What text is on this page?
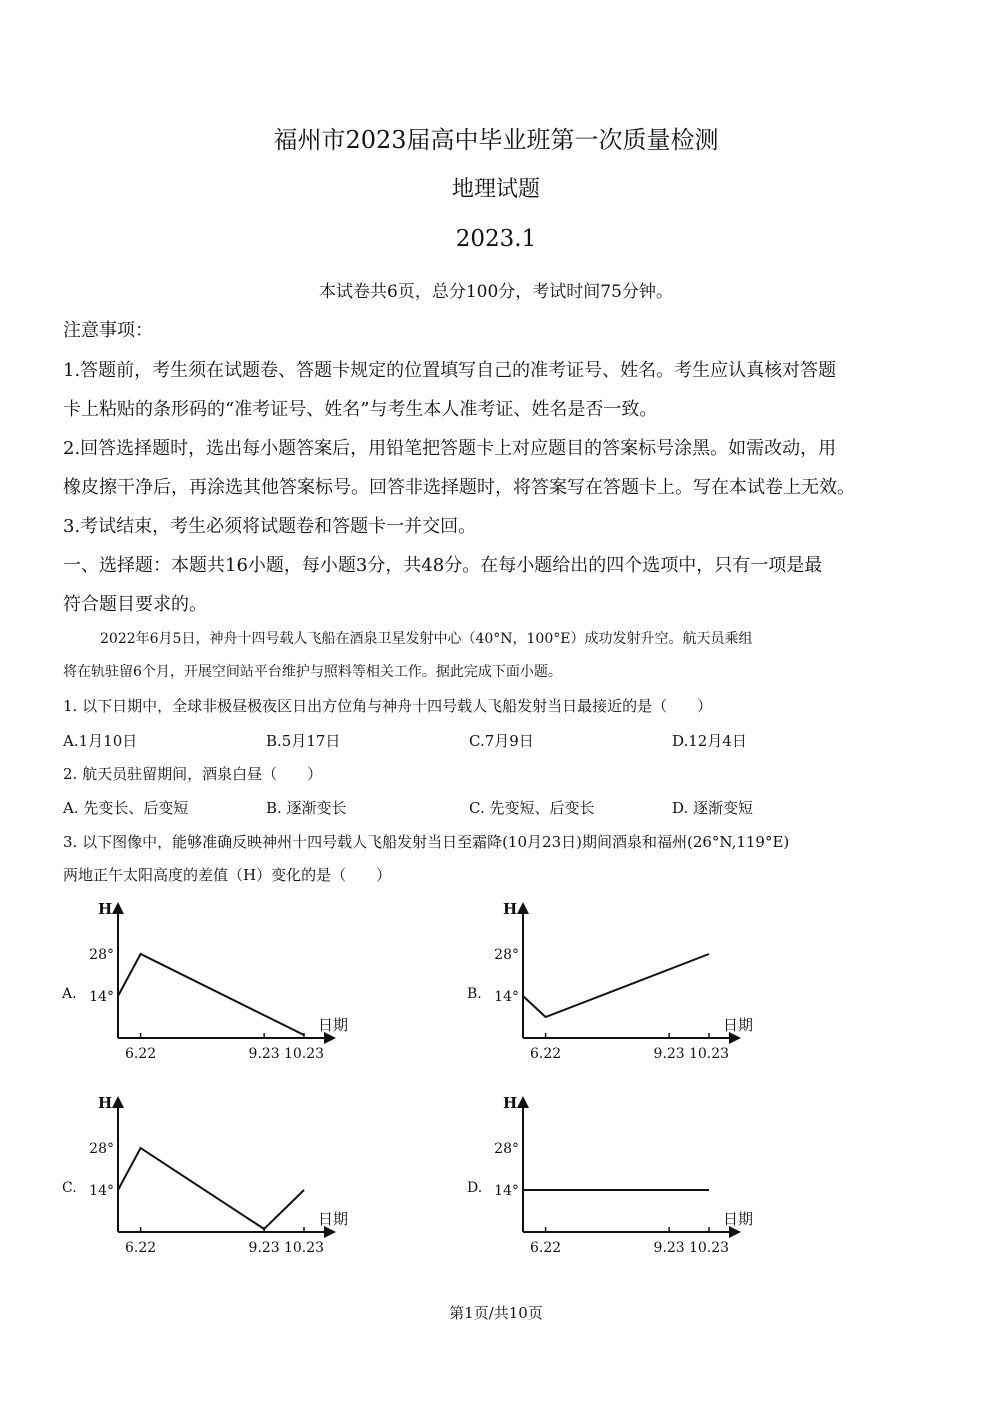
福州市2023届高中毕业班第一次质量检测
地理试题
2023.1
本试卷共6页，总分100分，考试时间75分钟。
注意事项：
1.答题前，考生须在试题卷、答题卡规定的位置填写自己的准考证号、姓名。考生应认真核对答题
卡上粘贴的条形码的“准考证号、姓名”与考生本人准考证、姓名是否一致。
2.回答选择题时，选出每小题答案后，用铅笔把答题卡上对应题目的答案标号涂黑。如需改动，用
橡皮擦干净后，再涂选其他答案标号。回答非选择题时，将答案写在答题卡上。写在本试卷上无效。
3.考试结束，考生必须将试题卷和答题卡一并交回。
一、选择题：本题共16小题，每小题3分，共48分。在每小题给出的四个选项中，只有一项是最
符合题目要求的。
2022年6月5日，神舟十四号载人飞船在酒泉卫星发射中心（40°N，100°E）成功发射升空。航天员乘组
将在轨驻留6个月，开展空间站平台维护与照料等相关工作。据此完成下面小题。
1. 以下日期中，全球非极昼极夜区日出方位角与神舟十四号载人飞船发射当日最接近的是（　　）
A.1月10日	B.5月17日	C.7月9日	D.12月4日
2. 航天员驻留期间，酒泉白昼（　　）
A. 先变长、后变短	B. 逐渐变长	C. 先变短、后变长	D. 逐渐变短
3. 以下图像中，能够准确反映神州十四号载人飞船发射当日至霜降(10月23日)期间酒泉和福州(26°N,119°E)
两地正午太阳高度的差值（H）变化的是（　　）
A.
H
日期
14°
28°
6.22	9.23 10.23
B.
H
日期
14°
28°
6.22	9.23 10.23
C.
H
日期
14°
28°
6.22	9.23 10.23
D.
H
日期
14°
28°
6.22	9.23 10.23
第1页/共10页
